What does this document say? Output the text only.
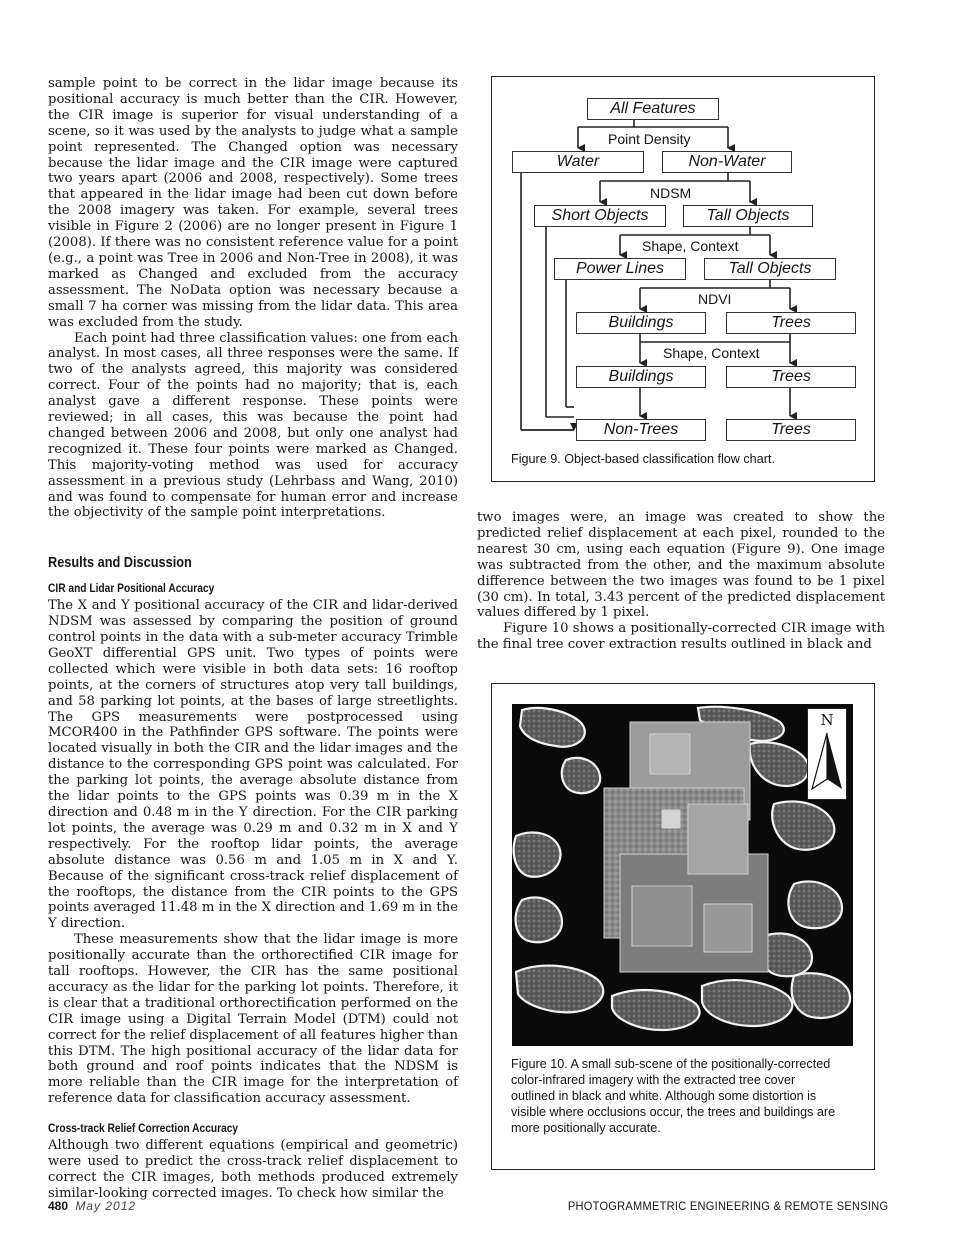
sample point to be correct in the lidar image because its positional accuracy is much better than the CIR. However, the CIR image is superior for visual understanding of a scene, so it was used by the analysts to judge what a sample point represented. The Changed option was necessary because the lidar image and the CIR image were captured two years apart (2006 and 2008, respectively). Some trees that appeared in the lidar image had been cut down before the 2008 imagery was taken. For example, several trees visible in Figure 2 (2006) are no longer present in Figure 1 (2008). If there was no consistent reference value for a point (e.g., a point was Tree in 2006 and Non-Tree in 2008), it was marked as Changed and excluded from the accuracy assessment. The NoData option was necessary because a small 7 ha corner was missing from the lidar data. This area was excluded from the study.

Each point had three classification values: one from each analyst. In most cases, all three responses were the same. If two of the analysts agreed, this majority was considered correct. Four of the points had no majority; that is, each analyst gave a different response. These points were reviewed; in all cases, this was because the point had changed between 2006 and 2008, but only one analyst had recognized it. These four points were marked as Changed. This majority-voting method was used for accuracy assessment in a previous study (Lehrbass and Wang, 2010) and was found to compensate for human error and increase the objectivity of the sample point interpretations.

Results and Discussion
CIR and Lidar Positional Accuracy

The X and Y positional accuracy of the CIR and lidar-derived NDSM was assessed by comparing the position of ground control points in the data with a sub-meter accuracy Trimble GeoXT differential GPS unit. Two types of points were collected which were visible in both data sets: 16 rooftop points, at the corners of structures atop very tall buildings, and 58 parking lot points, at the bases of large streetlights. The GPS measurements were postprocessed using MCOR400 in the Pathfinder GPS software. The points were located visually in both the CIR and the lidar images and the distance to the corresponding GPS point was calculated. For the parking lot points, the average absolute distance from the lidar points to the GPS points was 0.39 m in the X direction and 0.48 m in the Y direction. For the CIR parking lot points, the average was 0.29 m and 0.32 m in X and Y respectively. For the rooftop lidar points, the average absolute distance was 0.56 m and 1.05 m in X and Y. Because of the significant cross-track relief displacement of the rooftops, the distance from the CIR points to the GPS points averaged 11.48 m in the X direction and 1.69 m in the Y direction.

These measurements show that the lidar image is more positionally accurate than the orthorectified CIR image for tall rooftops. However, the CIR has the same positional accuracy as the lidar for the parking lot points. Therefore, it is clear that a traditional orthorectification performed on the CIR image using a Digital Terrain Model (DTM) could not correct for the relief displacement of all features higher than this DTM. The high positional accuracy of the lidar data for both ground and roof points indicates that the NDSM is more reliable than the CIR image for the interpretation of reference data for classification accuracy assessment.

Cross-track Relief Correction Accuracy

Although two different equations (empirical and geometric) were used to predict the cross-track relief displacement to correct the CIR images, both methods produced extremely similar-looking corrected images. To check how similar the

All Features
Point Density
Water	Non-Water
NDSM
Short Objects	Tall Objects
Shape, Context
Power Lines	Tall Objects
NDVI
Buildings	Trees
Shape, Context
Buildings	Trees
Non-Trees	Trees
Figure 9. Object-based classification flow chart.

two images were, an image was created to show the predicted relief displacement at each pixel, rounded to the nearest 30 cm, using each equation (Figure 9). One image was subtracted from the other, and the maximum absolute difference between the two images was found to be 1 pixel (30 cm). In total, 3.43 percent of the predicted displacement values differed by 1 pixel.

Figure 10 shows a positionally-corrected CIR image with the final tree cover extraction results outlined in black and

N
Figure 10. A small sub-scene of the positionally-corrected color-infrared imagery with the extracted tree cover outlined in black and white. Although some distortion is visible where occlusions occur, the trees and buildings are more positionally accurate.
480 May 2012	PHOTOGRAMMETRIC ENGINEERING & REMOTE SENSING
